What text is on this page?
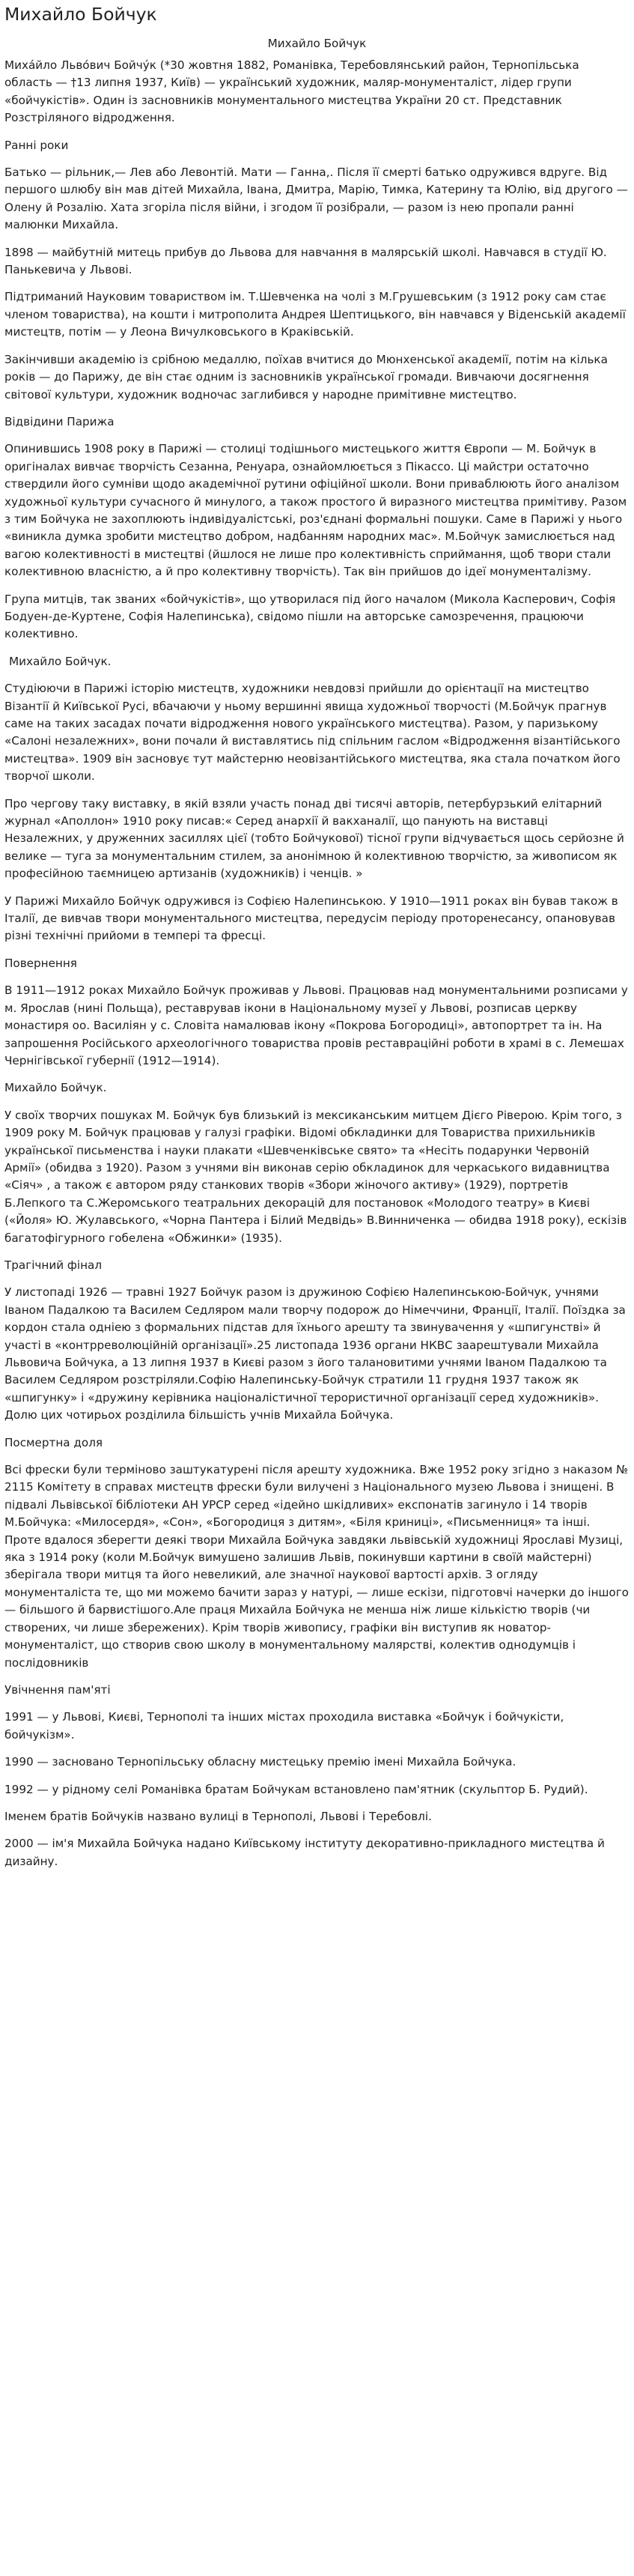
Михайло Бойчук
Михайло Бойчук

Миха́йло Льво́вич Бойчу́к (*30 жовтня 1882, Романівка, Теребовлянський район, Тернопільська область — †13 липня 1937, Київ) — український художник, маляр-монументаліст, лідер групи «бойчукістів». Один із засновників монументального мистецтва України 20 ст. Представник Розстріляного відродження.

Ранні роки

Батько — рільник,— Лев або Левонтій. Мати — Ганна,. Після її смерті батько одружився вдруге. Від першого шлюбу він мав дітей Михайла, Івана, Дмитра, Марію, Тимка, Катерину та Юлію, від другого — Олену й Розалію. Хата згоріла після війни, і згодом її розібрали, — разом із нею пропали ранні малюнки Михайла.

1898 — майбутній митець прибув до Львова для навчання в малярській школі. Навчався в студії Ю. Панькевича у Львові.

Підтриманий Науковим товариством ім. Т.Шевченка на чолі з М.Грушевським (з 1912 року сам стає членом товариства), на кошти і митрополита Андрея Шептицького, він навчався у Віденській академії мистецтв, потім — у Леона Вичулковського в Краківській.

Закінчивши академію із срібною медаллю, поїхав вчитися до Мюнхенської академії, потім на кілька років — до Парижу, де він стає одним із засновників української громади. Вивчаючи досягнення світової культури, художник водночас заглибився у народне примітивне мистецтво.

Відвідини Парижа

Опинившись 1908 року в Парижі — столиці тодішнього мистецького життя Європи — М. Бойчук в оригіналах вивчає творчість Сезанна, Ренуара, ознайомлюється з Пікассо. Ці майстри остаточно ствердили його сумніви щодо академічної рутини офіційної школи. Вони приваблюють його аналізом художньої культури сучасного й минулого, а також простого й виразного мистецтва примітиву. Разом з тим Бойчука не захоплюють індивідуалістські, роз'єднані формальні пошуки. Саме в Парижі у нього «виникла думка зробити мистецтво добром, надбанням народних мас». М.Бойчук замислюється над вагою колективності в мистецтві (йшлося не лише про колективність сприймання, щоб твори стали колективною власністю, а й про колективну творчість). Так він прийшов до ідеї монументалізму.

Група митців, так званих «бойчукістів», що утворилася під його началом (Микола Касперович, Софія Бодуен-де-Куртене, Софія Налепинська), свідомо пішли на авторське самозречення, працюючи колективно.

Михайло Бойчук.

Студіюючи в Парижі історію мистецтв, художники невдовзі прийшли до орієнтації на мистецтво Візантії й Київської Русі, вбачаючи у ньому вершинні явища художньої творчості (М.Бойчук прагнув саме на таких засадах почати відродження нового українського мистецтва). Разом, у паризькому «Салоні незалежних», вони почали й виставлятись під спільним гаслом «Відродження візантійського мистецтва». 1909 він засновує тут майстерню неовізантійського мистецтва, яка стала початком його творчої школи.

Про чергову таку виставку, в якій взяли участь понад дві тисячі авторів, петербурзький елітарний журнал «Аполлон» 1910 року писав:« Серед анархії й вакханалії, що панують на виставці Незалежних, у друженних засиллях цієї (тобто Бойчукової) тісної групи відчувається щось серйозне й велике — туга за монументальним стилем, за анонімною й колективною творчістю, за живописом як професійною таємницею артизанів (художників) і ченців. »

У Парижі Михайло Бойчук одружився із Софією Налепинською. У 1910—1911 роках він бував також в Італії, де вивчав твори монументального мистецтва, передусім періоду протоpенесансу, опановував різні технічні прийоми в темпері та фресці.

Повернення

В 1911—1912 роках Михайло Бойчук проживав у Львові. Працював над монументальними розписами у м. Ярослав (нині Польща), реставрував ікони в Національному музеї у Львові, розписав церкву монастиря оо. Василіян у с. Словіта намалював ікону «Покрова Богородиці», автопортрет та ін. На запрошення Російського археологічного товариства провів реставраційні роботи в храмі в с. Лемешах Чернігівської губернії (1912—1914).

Михайло Бойчук.

У своїх творчих пошуках М. Бойчук був близький із мексиканським митцем Дієго Ріверою. Крім того, з 1909 року М. Бойчук працював у галузі графіки. Відомі обкладинки для Товариства прихильників української письменства і науки плакати «Шевченківське свято» та «Несіть подарунки Червоній Армії» (обидва з 1920). Разом з учнями він виконав серію обкладинок для черкаського видавництва «Сіяч» , а також є автором ряду станкових творів «Збори жіночого активу» (1929), портретів Б.Лепкого та С.Жеромського театральних декорацій для постановок «Молодого театру» в Києві («Йоля» Ю. Жулавського, «Чорна Пантера і Білий Медвідь» В.Винниченка — обидва 1918 року), ескізів багатофігурного гобелена «Обжинки» (1935).

Трагічний фінал

У листопаді 1926 — травні 1927 Бойчук разом із дружиною Софією Налепинською-Бойчук, учнями Іваном Падалкою та Василем Седляром мали творчу подорож до Німеччини, Франції, Італії. Поїздка за кордон стала одніею з формальних підстав для їхнього арешту та звинувачення у «шпигунстві» й участі в «контрреволюційній організації».25 листопада 1936 органи НКВС заарештували Михайла Львовича Бойчука, а 13 липня 1937 в Києві разом з його талановитими учнями Іваном Падалкою та Василем Седляром розстріляли.Софію Налепинську-Бойчук стратили 11 грудня 1937 також як «шпигунку» і «дружину керівника націоналістичної терористичної організації серед художників». Долю цих чотирьох розділила більшість учнів Михайла Бойчука.

Посмертна доля

Всі фрески були терміново заштукатурені після арешту художника. Вже 1952 року згідно з наказом № 2115 Комітету в справах мистецтв фрески були вилучені з Національного музею Львова і знищені. В підвалі Львівської бібліотеки АН УРСР серед «ідейно шкідливих» експонатів загинуло і 14 творів М.Бойчука: «Милосердя», «Сон», «Богородиця з дитям», «Біля криниці», «Письменниця» та інші. Проте вдалося зберегти деякі твори Михайла Бойчука завдяки львівській художниці Ярославі Музиці, яка з 1914 року (коли М.Бойчук вимушено залишив Львів, покинувши картини в своїй майстерні) зберігала твори митця та його невеликий, але значної наукової вартості архів. З огляду монументаліста те, що ми можемо бачити зараз у натурі, — лише ескізи, підготовчі начерки до іншого — більшого й барвистішого.Але праця Михайла Бойчука не менша ніж лише кількістю творів (чи створених, чи лише збережених). Крім творів живопису, графіки він виступив як новатор-монументаліст, що створив свою школу в монументальному малярстві, колектив однодумців і послідовників

Увічнення пам'яті

1991 — у Львові, Києві, Тернополі та інших містах проходила виставка «Бойчук і бойчукісти, бойчукізм».

1990 — засновано Тернопільську обласну мистецьку премію імені Михайла Бойчука.

1992 — у рідному селі Романівка братам Бойчукам встановлено пам'ятник (скульптор Б. Рудий).

Іменем братів Бойчуків названо вулиці в Тернополі, Львові і Теребовлі.

2000 — ім'я Михайла Бойчука надано Київському інституту декоративно-прикладного мистецтва й дизайну.
